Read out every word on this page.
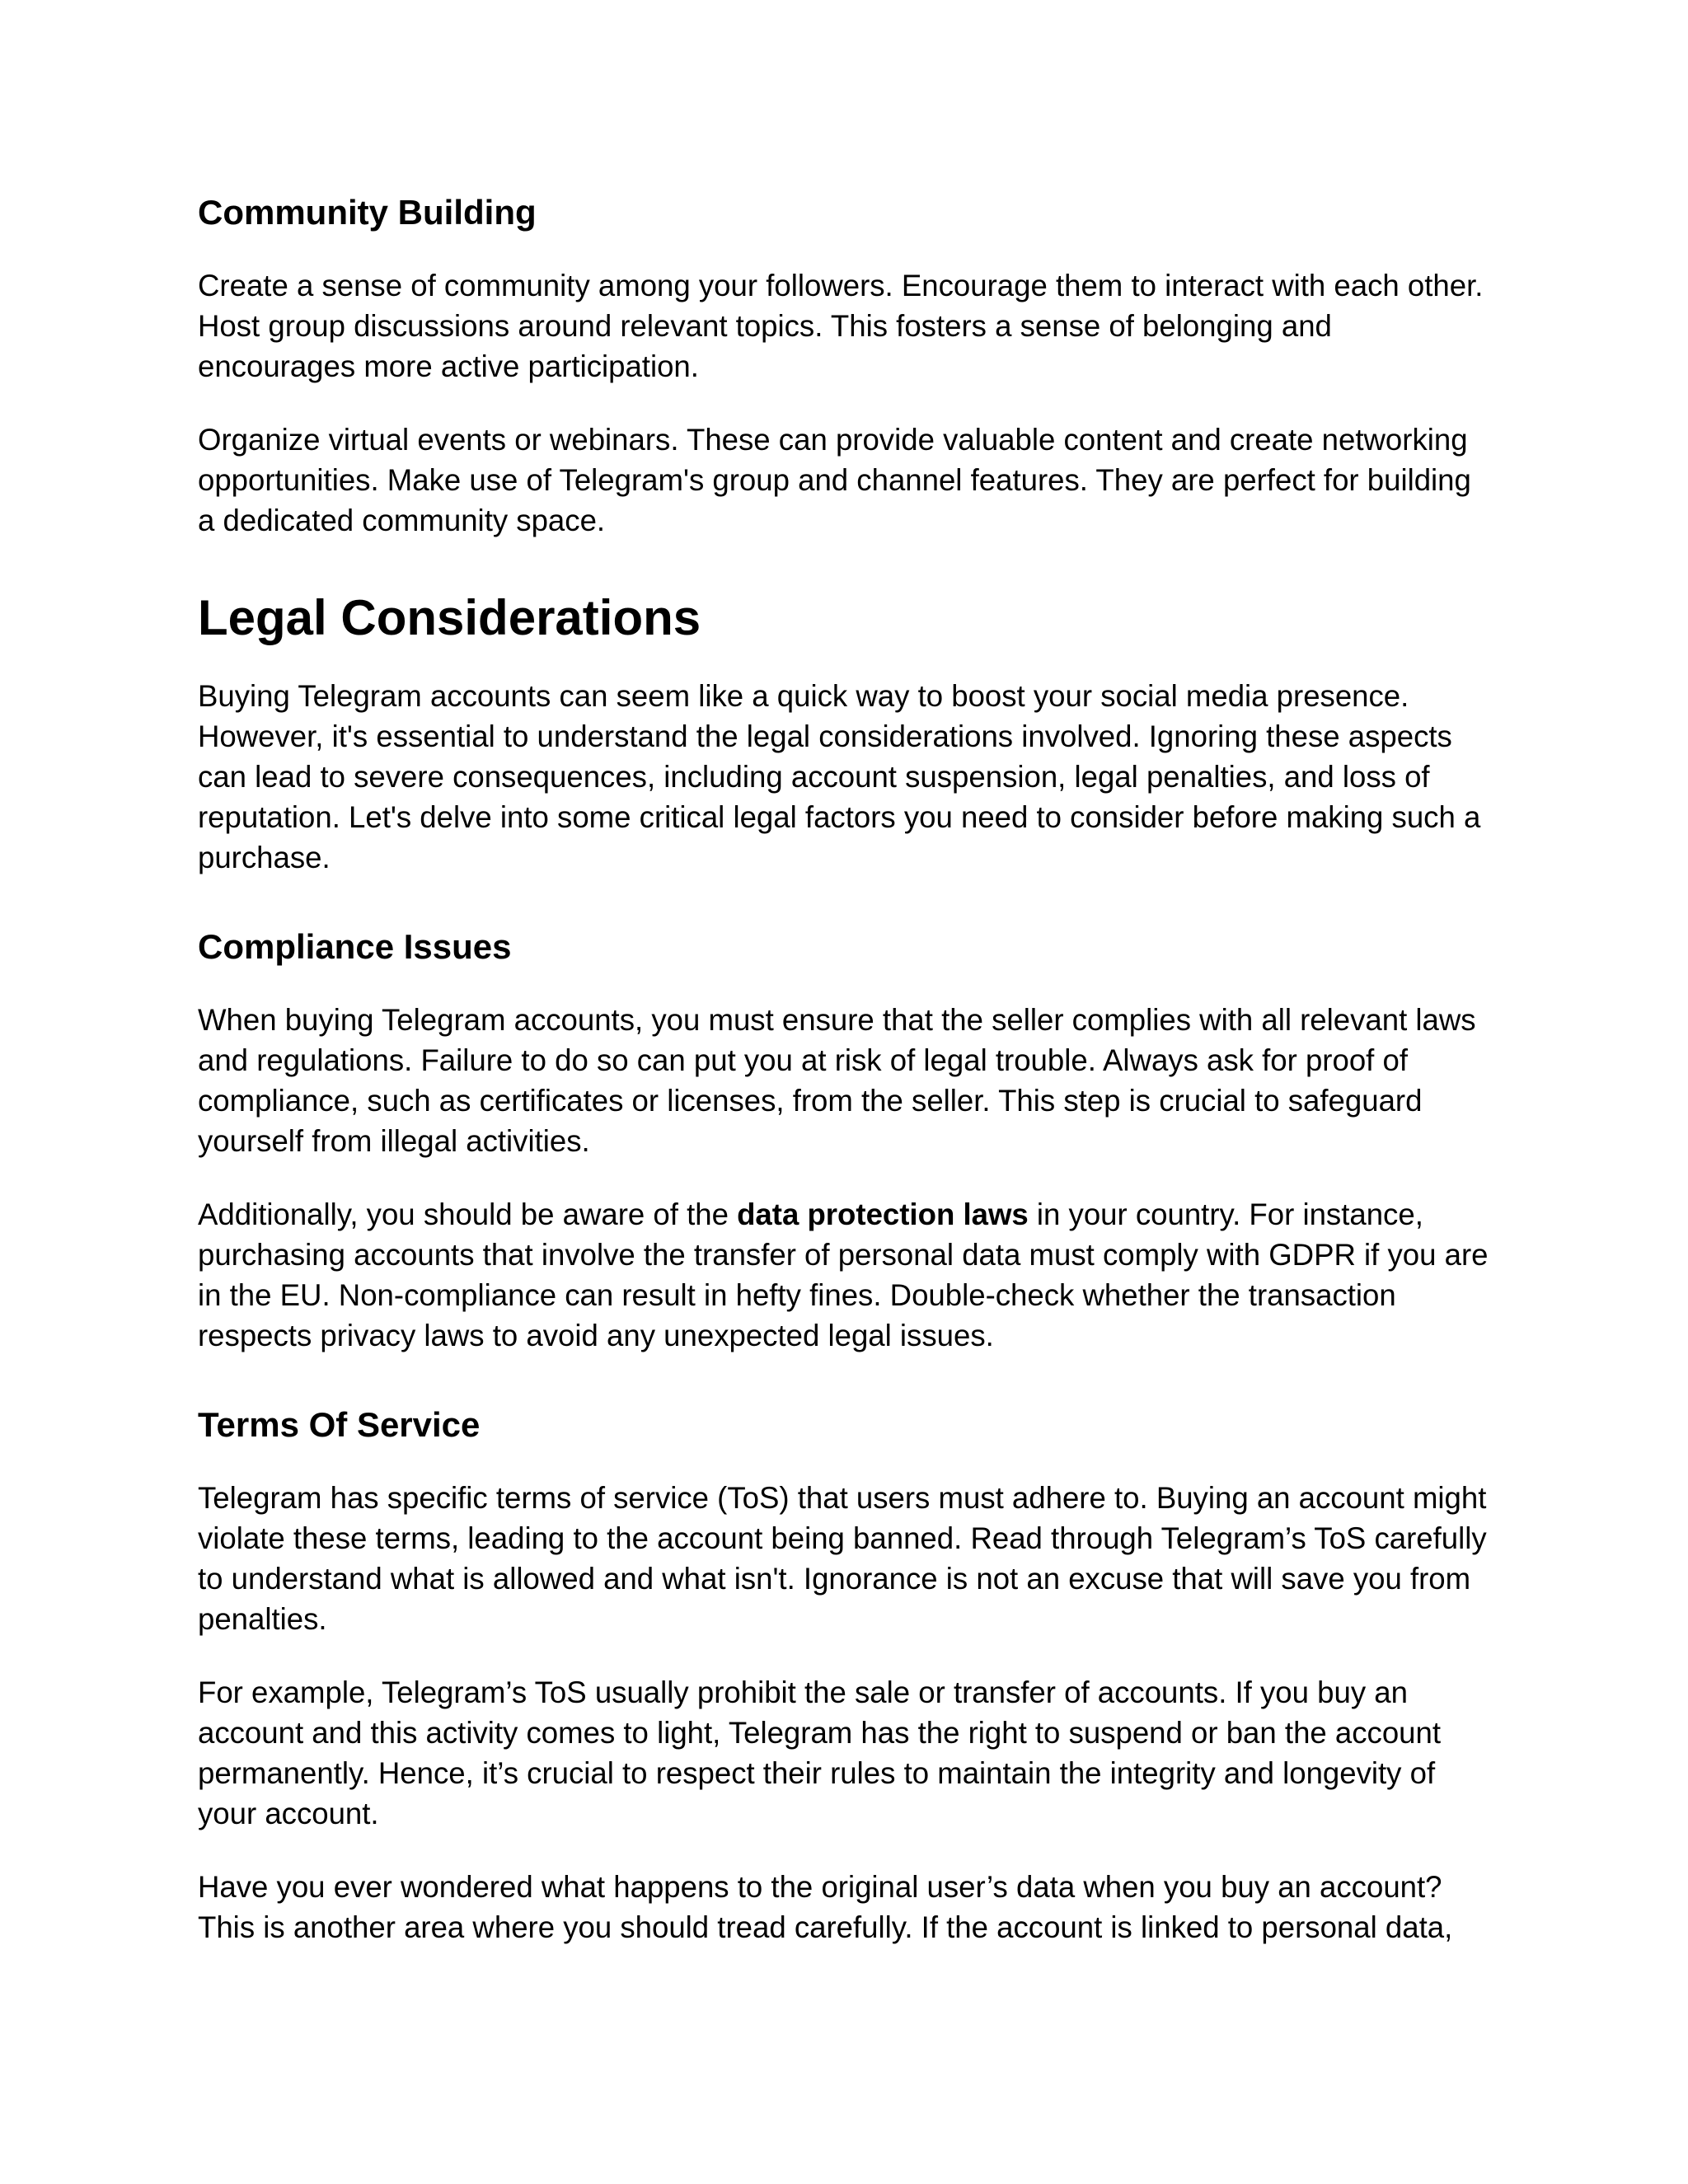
Community Building

Create a sense of community among your followers. Encourage them to interact with each other. Host group discussions around relevant topics. This fosters a sense of belonging and encourages more active participation.

Organize virtual events or webinars. These can provide valuable content and create networking opportunities. Make use of Telegram's group and channel features. They are perfect for building a dedicated community space.

Legal Considerations

Buying Telegram accounts can seem like a quick way to boost your social media presence. However, it's essential to understand the legal considerations involved. Ignoring these aspects can lead to severe consequences, including account suspension, legal penalties, and loss of reputation. Let's delve into some critical legal factors you need to consider before making such a purchase.

Compliance Issues

When buying Telegram accounts, you must ensure that the seller complies with all relevant laws and regulations. Failure to do so can put you at risk of legal trouble. Always ask for proof of compliance, such as certificates or licenses, from the seller. This step is crucial to safeguard yourself from illegal activities.

Additionally, you should be aware of the data protection laws in your country. For instance, purchasing accounts that involve the transfer of personal data must comply with GDPR if you are in the EU. Non-compliance can result in hefty fines. Double-check whether the transaction respects privacy laws to avoid any unexpected legal issues.

Terms Of Service

Telegram has specific terms of service (ToS) that users must adhere to. Buying an account might violate these terms, leading to the account being banned. Read through Telegram’s ToS carefully to understand what is allowed and what isn't. Ignorance is not an excuse that will save you from penalties.

For example, Telegram’s ToS usually prohibit the sale or transfer of accounts. If you buy an account and this activity comes to light, Telegram has the right to suspend or ban the account permanently. Hence, it’s crucial to respect their rules to maintain the integrity and longevity of your account.

Have you ever wondered what happens to the original user’s data when you buy an account? This is another area where you should tread carefully. If the account is linked to personal data,
